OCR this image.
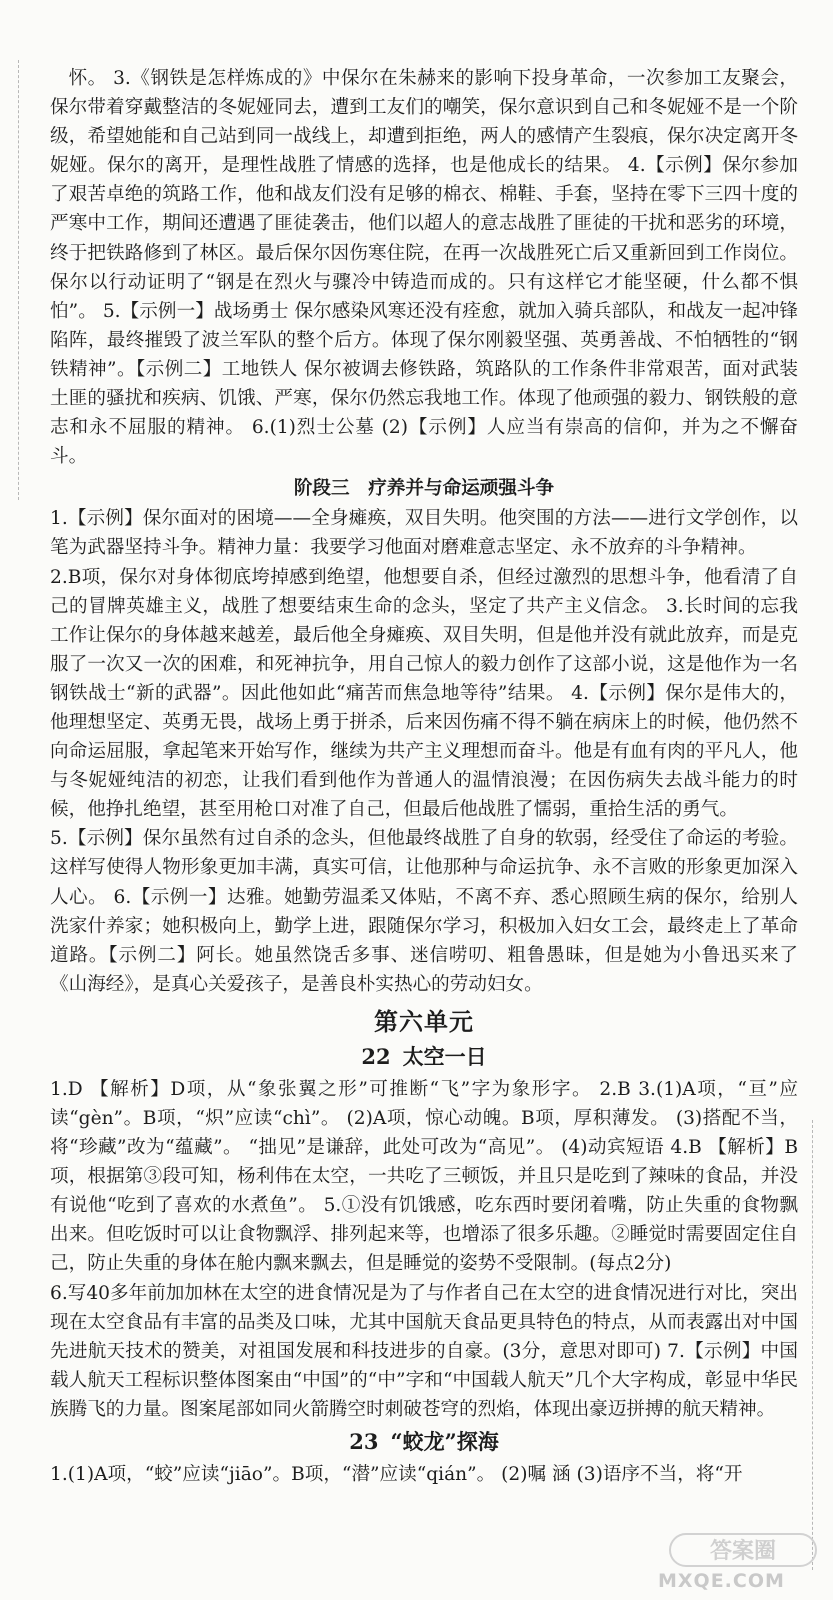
怀。 3.《钢铁是怎样炼成的》中保尔在朱赫来的影响下投身革命，一次参加工友聚会，保尔带着穿戴整洁的冬妮娅同去，遭到工友们的嘲笑，保尔意识到自己和冬妮娅不是一个阶级，希望她能和自己站到同一战线上，却遭到拒绝，两人的感情产生裂痕，保尔决定离开冬妮娅。保尔的离开，是理性战胜了情感的选择，也是他成长的结果。 4.【示例】保尔参加了艰苦卓绝的筑路工作，他和战友们没有足够的棉衣、棉鞋、手套，坚持在零下三四十度的严寒中工作，期间还遭遇了匪徒袭击，他们以超人的意志战胜了匪徒的干扰和恶劣的环境，终于把铁路修到了林区。最后保尔因伤寒住院，在再一次战胜死亡后又重新回到工作岗位。保尔以行动证明了“钢是在烈火与骤冷中铸造而成的。只有这样它才能坚硬，什么都不惧怕”。 5.【示例一】战场勇士 保尔感染风寒还没有痊愈，就加入骑兵部队，和战友一起冲锋陷阵，最终摧毁了波兰军队的整个后方。体现了保尔刚毅坚强、英勇善战、不怕牺牲的“钢铁精神”。【示例二】工地铁人 保尔被调去修铁路，筑路队的工作条件非常艰苦，面对武装土匪的骚扰和疾病、饥饿、严寒，保尔仍然忘我地工作。体现了他顽强的毅力、钢铁般的意志和永不屈服的精神。 6.(1)烈士公墓 (2)【示例】人应当有崇高的信仰，并为之不懈奋斗。

阶段三　疗养并与命运顽强斗争

1.【示例】保尔面对的困境——全身瘫痪，双目失明。他突围的方法——进行文学创作，以笔为武器坚持斗争。精神力量：我要学习他面对磨难意志坚定、永不放弃的斗争精神。

2.B项，保尔对身体彻底垮掉感到绝望，他想要自杀，但经过激烈的思想斗争，他看清了自己的冒牌英雄主义，战胜了想要结束生命的念头，坚定了共产主义信念。 3.长时间的忘我工作让保尔的身体越来越差，最后他全身瘫痪、双目失明，但是他并没有就此放弃，而是克服了一次又一次的困难，和死神抗争，用自己惊人的毅力创作了这部小说，这是他作为一名钢铁战士“新的武器”。因此他如此“痛苦而焦急地等待”结果。 4.【示例】保尔是伟大的，他理想坚定、英勇无畏，战场上勇于拼杀，后来因伤痛不得不躺在病床上的时候，他仍然不向命运屈服，拿起笔来开始写作，继续为共产主义理想而奋斗。他是有血有肉的平凡人，他与冬妮娅纯洁的初恋，让我们看到他作为普通人的温情浪漫；在因伤病失去战斗能力的时候，他挣扎绝望，甚至用枪口对准了自己，但最后他战胜了懦弱，重拾生活的勇气。

5.【示例】保尔虽然有过自杀的念头，但他最终战胜了自身的软弱，经受住了命运的考验。这样写使得人物形象更加丰满，真实可信，让他那种与命运抗争、永不言败的形象更加深入人心。 6.【示例一】达雅。她勤劳温柔又体贴，不离不弃、悉心照顾生病的保尔，给别人洗家什养家；她积极向上，勤学上进，跟随保尔学习，积极加入妇女工会，最终走上了革命道路。【示例二】阿长。她虽然饶舌多事、迷信唠叨、粗鲁愚昧，但是她为小鲁迅买来了《山海经》，是真心关爱孩子，是善良朴实热心的劳动妇女。

第六单元
22 太空一日

1.D 【解析】D项，从“象张翼之形”可推断“飞”字为象形字。 2.B 3.(1)A项，“亘”应读“gèn”。B项，“炽”应读“chì”。 (2)A项，惊心动魄。B项，厚积薄发。 (3)搭配不当，将“珍藏”改为“蕴藏”。 “拙见”是谦辞，此处可改为“高见”。 (4)动宾短语 4.B 【解析】B项，根据第③段可知，杨利伟在太空，一共吃了三顿饭，并且只是吃到了辣味的食品，并没有说他“吃到了喜欢的水煮鱼”。 5.①没有饥饿感，吃东西时要闭着嘴，防止失重的食物飘出来。但吃饭时可以让食物飘浮、排列起来等，也增添了很多乐趣。②睡觉时需要固定住自己，防止失重的身体在舱内飘来飘去，但是睡觉的姿势不受限制。(每点2分)

6.写40多年前加加林在太空的进食情况是为了与作者自己在太空的进食情况进行对比，突出现在太空食品有丰富的品类及口味，尤其中国航天食品更具特色的特点，从而表露出对中国先进航天技术的赞美，对祖国发展和科技进步的自豪。(3分，意思对即可) 7.【示例】中国载人航天工程标识整体图案由“中国”的“中”字和“中国载人航天”几个大字构成，彰显中华民族腾飞的力量。图案尾部如同火箭腾空时刺破苍穹的烈焰，体现出豪迈拼搏的航天精神。

23 “蛟龙”探海

1.(1)A项，“蛟”应读“jiāo”。B项，“潜”应读“qián”。 (2)嘱 涵 (3)语序不当，将“开

答案圈
MXQE.COM
